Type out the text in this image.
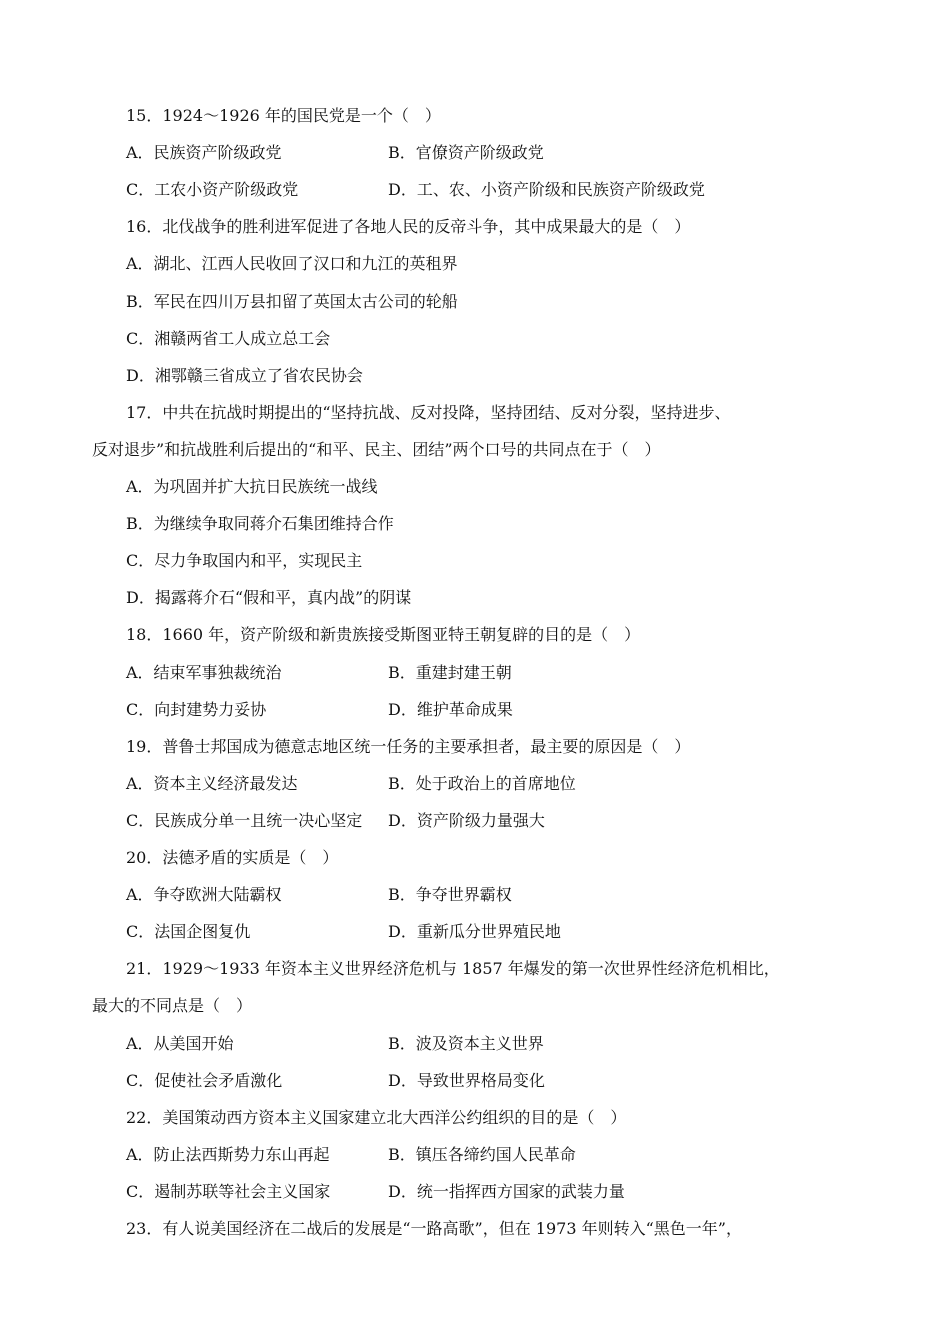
15．1924～1926 年的国民党是一个（　）
A．民族资产阶级政党	B．官僚资产阶级政党
C．工农小资产阶级政党	D．工、农、小资产阶级和民族资产阶级政党
16．北伐战争的胜利进军促进了各地人民的反帝斗争，其中成果最大的是（　）
A．湖北、江西人民收回了汉口和九江的英租界
B．军民在四川万县扣留了英国太古公司的轮船
C．湘赣两省工人成立总工会
D．湘鄂赣三省成立了省农民协会
17．中共在抗战时期提出的“坚持抗战、反对投降，坚持团结、反对分裂，坚持进步、
反对退步”和抗战胜利后提出的“和平、民主、团结”两个口号的共同点在于（　）
A．为巩固并扩大抗日民族统一战线
B．为继续争取同蒋介石集团维持合作
C．尽力争取国内和平，实现民主
D．揭露蒋介石“假和平，真内战”的阴谋
18．1660 年，资产阶级和新贵族接受斯图亚特王朝复辟的目的是（　）
A．结束军事独裁统治	B．重建封建王朝
C．向封建势力妥协	D．维护革命成果
19．普鲁士邦国成为德意志地区统一任务的主要承担者，最主要的原因是（　）
A．资本主义经济最发达	B．处于政治上的首席地位
C．民族成分单一且统一决心坚定 D．资产阶级力量强大
20．法德矛盾的实质是（　）
A．争夺欧洲大陆霸权	B．争夺世界霸权
C．法国企图复仇	D．重新瓜分世界殖民地
21．1929～1933 年资本主义世界经济危机与 1857 年爆发的第一次世界性经济危机相比，
最大的不同点是（　）
A．从美国开始	B．波及资本主义世界
C．促使社会矛盾激化	D．导致世界格局变化
22．美国策动西方资本主义国家建立北大西洋公约组织的目的是（　）
A．防止法西斯势力东山再起	B．镇压各缔约国人民革命
C．遏制苏联等社会主义国家	D．统一指挥西方国家的武装力量
23．有人说美国经济在二战后的发展是“一路高歌”，但在 1973 年则转入“黑色一年”，
